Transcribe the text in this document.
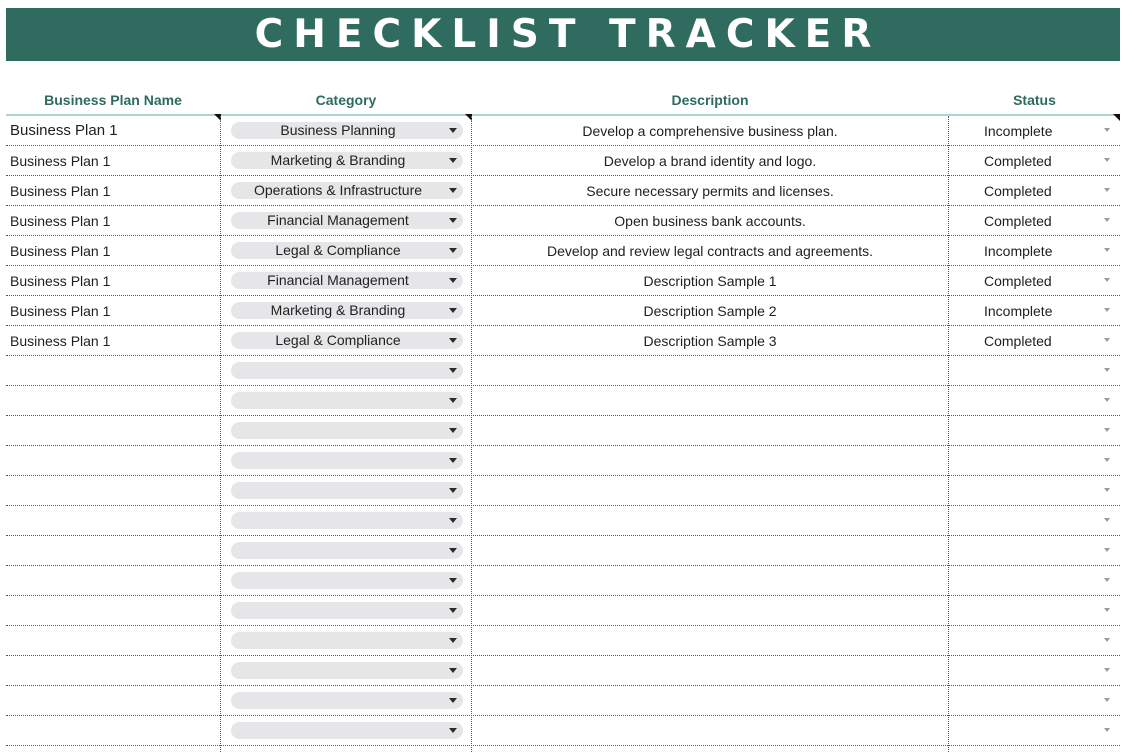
CHECKLIST TRACKER
Business Plan Name	Category	Description	Status
Business Plan 1	Business Planning	Develop a comprehensive business plan.	Incomplete
Business Plan 1	Marketing & Branding	Develop a brand identity and logo.	Completed
Business Plan 1	Operations & Infrastructure	Secure necessary permits and licenses.	Completed
Business Plan 1	Financial Management	Open business bank accounts.	Completed
Business Plan 1	Legal & Compliance	Develop and review legal contracts and agreements.	Incomplete
Business Plan 1	Financial Management	Description Sample 1	Completed
Business Plan 1	Marketing & Branding	Description Sample 2	Incomplete
Business Plan 1	Legal & Compliance	Description Sample 3	Completed
